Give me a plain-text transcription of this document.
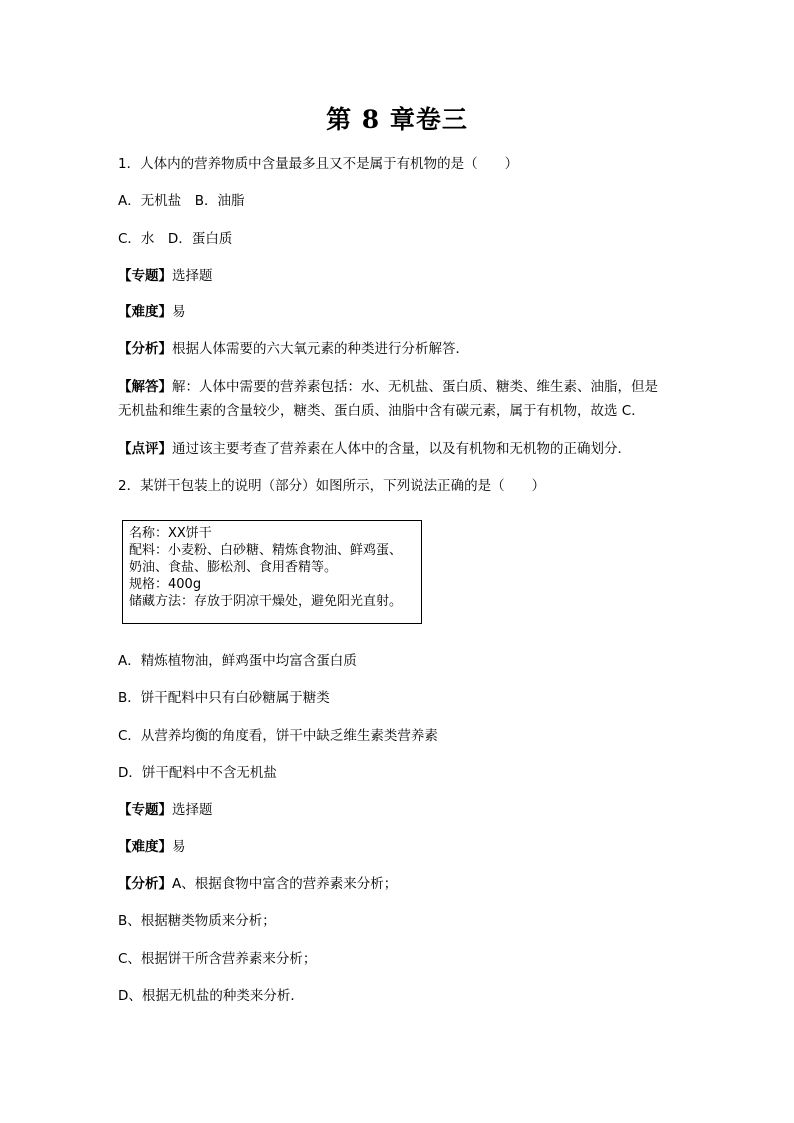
第 8 章卷三
1．人体内的营养物质中含量最多且又不是属于有机物的是（　　）
A．无机盐　B．油脂
C．水　D．蛋白质
【专题】选择题
【难度】易
【分析】根据人体需要的六大氧元素的种类进行分析解答．
【解答】解：人体中需要的营养素包括：水、无机盐、蛋白质、糖类、维生素、油脂，但是
无机盐和维生素的含量较少，糖类、蛋白质、油脂中含有碳元素，属于有机物，故选 C．
【点评】通过该主要考查了营养素在人体中的含量，以及有机物和无机物的正确划分．
2．某饼干包装上的说明（部分）如图所示，下列说法正确的是（　　）
名称：XX饼干
配料：小麦粉、白砂糖、精炼食物油、鲜鸡蛋、
奶油、食盐、膨松剂、食用香精等。
规格：400g
储藏方法：存放于阴凉干燥处，避免阳光直射。
A．精炼植物油，鲜鸡蛋中均富含蛋白质
B．饼干配料中只有白砂糖属于糖类
C．从营养均衡的角度看，饼干中缺乏维生素类营养素
D．饼干配料中不含无机盐
【专题】选择题
【难度】易
【分析】A、根据食物中富含的营养素来分析；
B、根据糖类物质来分析；
C、根据饼干所含营养素来分析；
D、根据无机盐的种类来分析．
